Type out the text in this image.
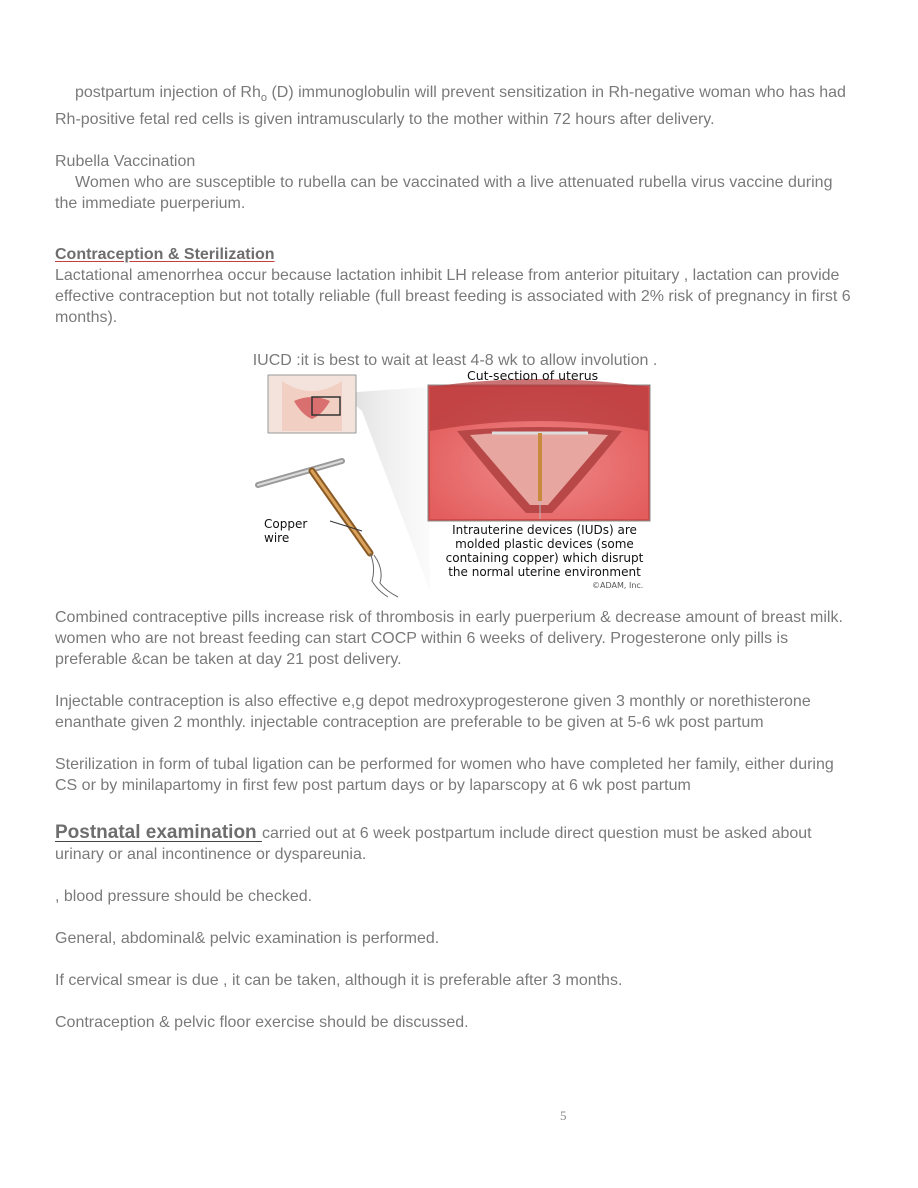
postpartum injection of $Rh_o$ (D) immunoglobulin will prevent sensitization in Rh-negative woman who has had Rh-positive fetal red cells is given intramuscularly to the mother within 72 hours after delivery.

Rubella Vaccination

Women who are susceptible to rubella can be vaccinated with a live attenuated rubella virus vaccine during the immediate puerperium.

Contraception & Sterilization

Lactational amenorrhea occur because lactation inhibit LH release from anterior pituitary , lactation can provide effective contraception but not totally reliable (full breast feeding is associated with 2% risk of pregnancy in first 6 months).

IUCD :it is best to wait at least 4-8 wk to allow involution .

Cut-section of uterus
Copper
wire
Intrauterine devices (IUDs) are
molded plastic devices (some
containing copper) which disrupt
the normal uterine environment
©ADAM, Inc.

Combined contraceptive pills increase risk of thrombosis in early puerperium & decrease amount of breast milk. women who are not breast feeding can start COCP within 6 weeks of delivery. Progesterone only pills is preferable &can be taken at day 21 post delivery.

Injectable contraception is also effective e,g depot medroxyprogesterone given 3 monthly or norethisterone enanthate given 2 monthly. injectable contraception are preferable to be given at 5-6 wk post partum

Sterilization in form of tubal ligation can be performed for women who have completed her family, either during CS or by minilapartomy in first few post partum days or by laparscopy at 6 wk post partum

Postnatal examination carried out at 6 week postpartum include direct question must be asked about urinary or anal incontinence or dyspareunia.

, blood pressure should be checked.

General, abdominal& pelvic examination is performed.

If cervical smear is due , it can be taken, although it is preferable after 3 months.

Contraception & pelvic floor exercise should be discussed.

5
